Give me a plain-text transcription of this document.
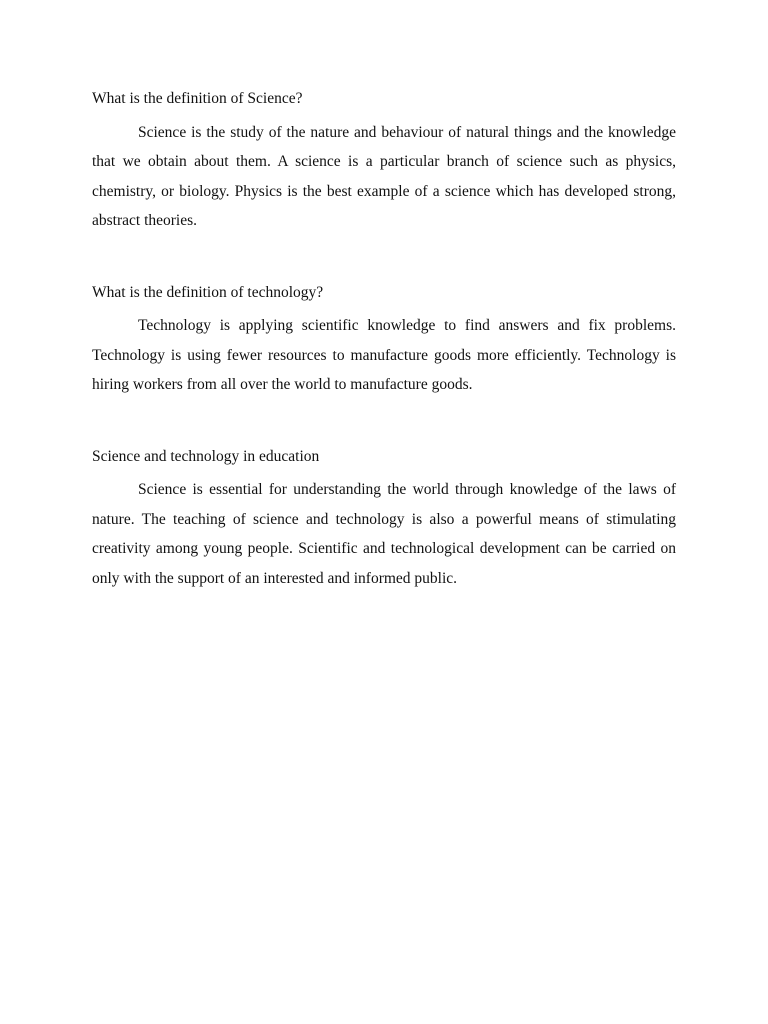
What is the definition of Science?

Science is the study of the nature and behaviour of natural things and the knowledge that we obtain about them. A science is a particular branch of science such as physics, chemistry, or biology. Physics is the best example of a science which has developed strong, abstract theories.

What is the definition of technology?

Technology is applying scientific knowledge to find answers and fix problems. Technology is using fewer resources to manufacture goods more efficiently. Technology is hiring workers from all over the world to manufacture goods.

Science and technology in education

Science is essential for understanding the world through knowledge of the laws of nature. The teaching of science and technology is also a powerful means of stimulating creativity among young people. Scientific and technological development can be carried on only with the support of an interested and informed public.
